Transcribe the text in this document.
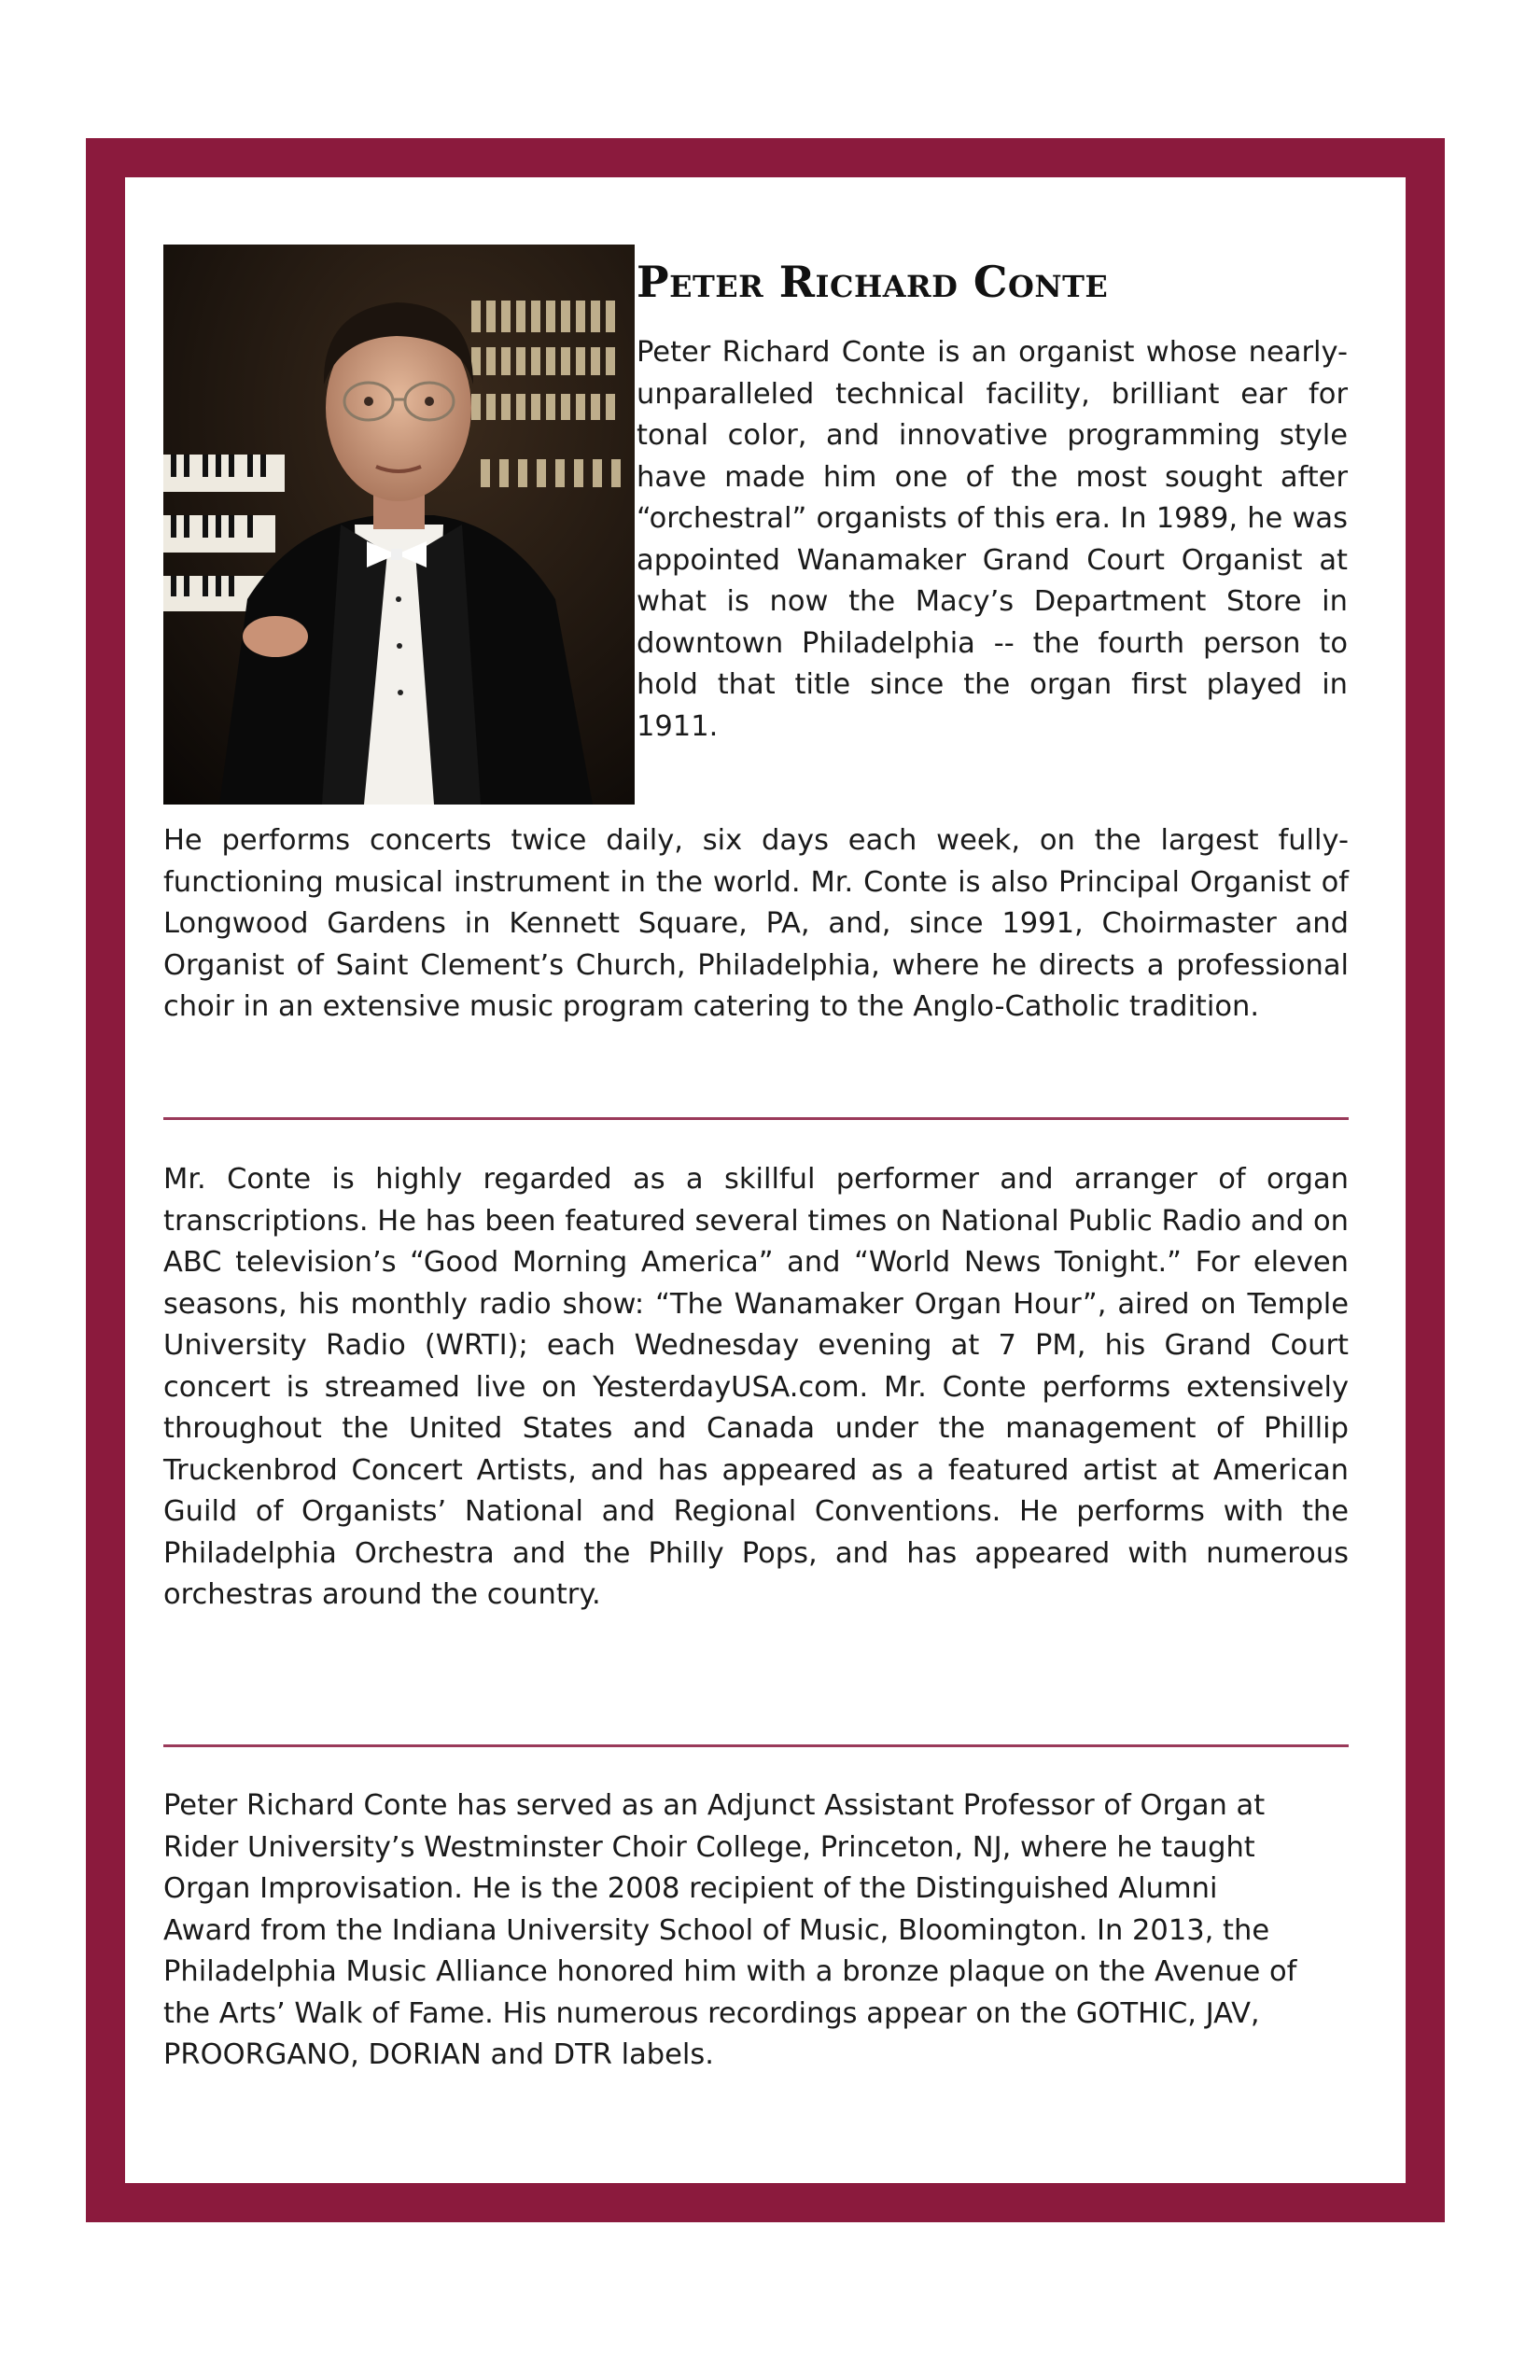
Peter Richard Conte

Peter Richard Conte is an organist whose nearly-unparalleled technical facility, brilliant ear for tonal color, and innovative programming style have made him one of the most sought after “orchestral” organists of this era. In 1989, he was appointed Wanamaker Grand Court Organist at what is now the Macy’s Department Store in downtown Philadelphia -- the fourth person to hold that title since the organ first played in 1911.

He performs concerts twice daily, six days each week, on the largest fully-functioning musical instrument in the world. Mr. Conte is also Principal Organist of Longwood Gardens in Kennett Square, PA, and, since 1991, Choirmaster and Organist of Saint Clement’s Church, Philadelphia, where he directs a professional choir in an extensive music program catering to the Anglo-Catholic tradition.

Mr. Conte is highly regarded as a skillful performer and arranger of organ transcriptions. He has been featured several times on National Public Radio and on ABC television’s “Good Morning America” and “World News Tonight.” For eleven seasons, his monthly radio show: “The Wanamaker Organ Hour”, aired on Temple University Radio (WRTI); each Wednesday evening at 7 PM, his Grand Court concert is streamed live on YesterdayUSA.com. Mr. Conte performs extensively throughout the United States and Canada under the management of Phillip Truckenbrod Concert Artists, and has appeared as a featured artist at American Guild of Organists’ National and Regional Conventions. He performs with the Philadelphia Orchestra and the Philly Pops, and has appeared with numerous orchestras around the country.

Peter Richard Conte has served as an Adjunct Assistant Professor of Organ at Rider University’s Westminster Choir College, Princeton, NJ, where he taught Organ Improvisation. He is the 2008 recipient of the Distinguished Alumni Award from the Indiana University School of Music, Bloomington. In 2013, the Philadelphia Music Alliance honored him with a bronze plaque on the Avenue of the Arts’ Walk of Fame. His numerous recordings appear on the GOTHIC, JAV, PROORGANO, DORIAN and DTR labels.
